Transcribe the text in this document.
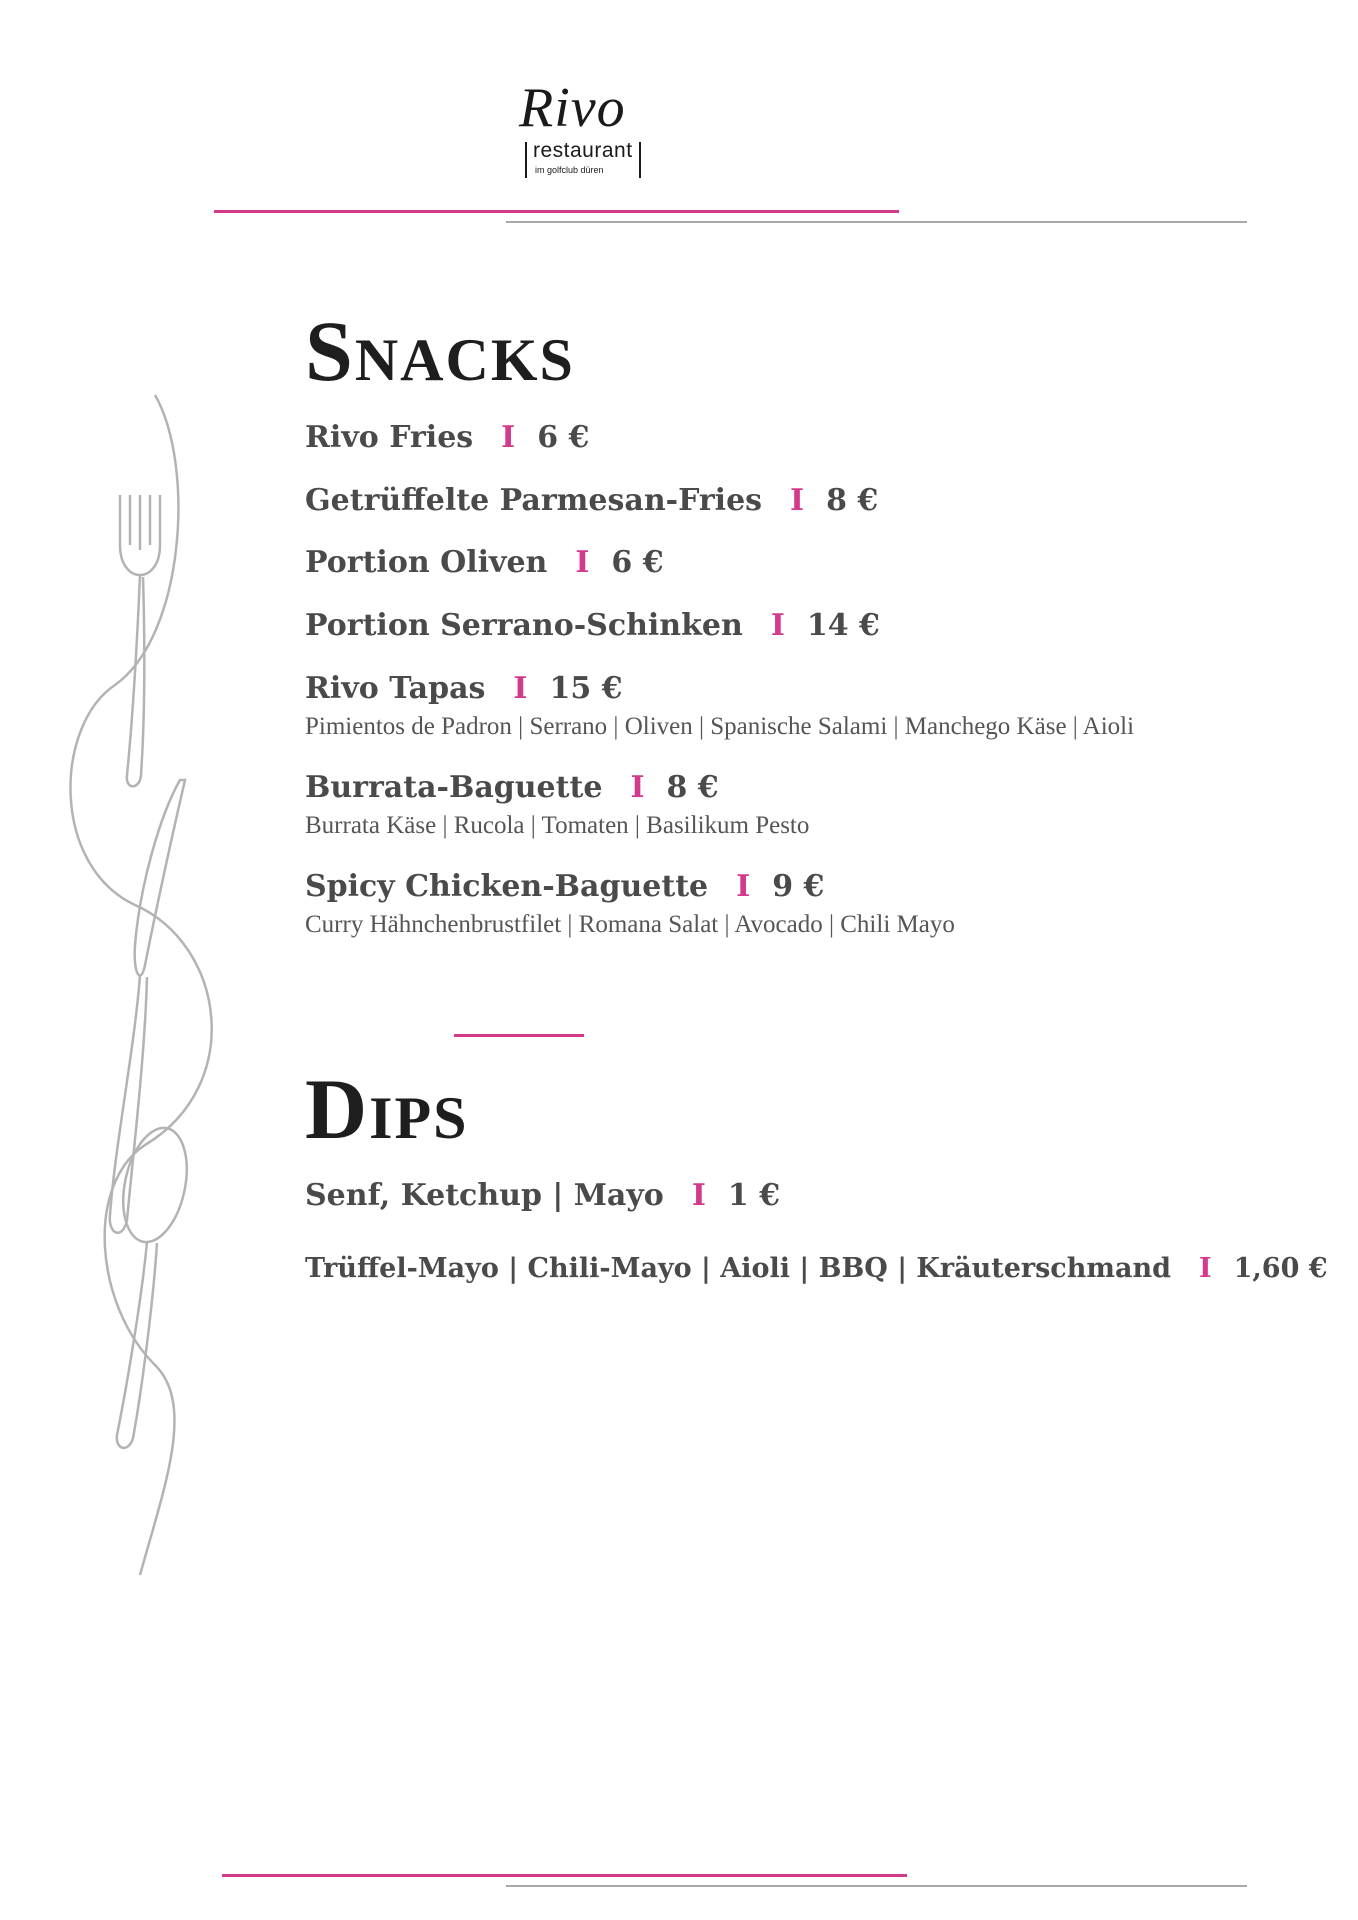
Rivo
restaurant
im golfclub düren
Snacks
Rivo Fries I 6 €
Getrüffelte Parmesan-Fries I 8 €
Portion Oliven I 6 €
Portion Serrano-Schinken I 14 €
Rivo Tapas I 15 €
Pimientos de Padron | Serrano | Oliven | Spanische Salami | Manchego Käse | Aioli
Burrata-Baguette I 8 €
Burrata Käse | Rucola | Tomaten | Basilikum Pesto
Spicy Chicken-Baguette I 9 €
Curry Hähnchenbrustfilet | Romana Salat | Avocado | Chili Mayo
Dips
Senf, Ketchup | Mayo I 1 €
Trüffel-Mayo | Chili-Mayo | Aioli | BBQ | Kräuterschmand I 1,60 €
